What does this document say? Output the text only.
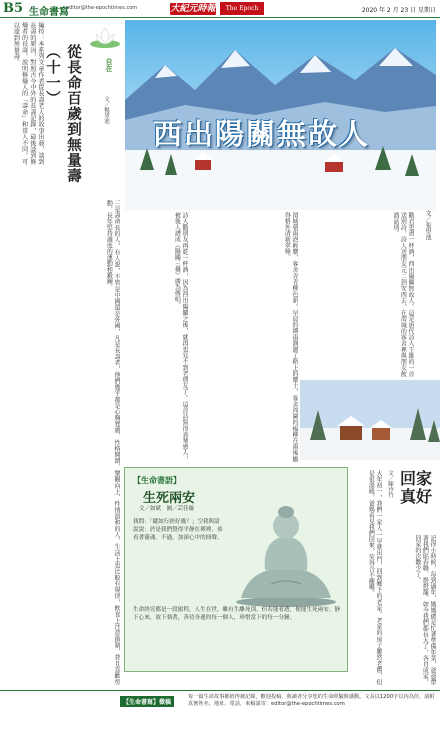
B5 生命書寫
editor@the-epochtimes.com	大紀元時報	The Epoch	2020 年 2 月 23 日 星期日
編按：本系列文章作者從長壽老人的故事出發，談到長壽的原因，對照古今中外的長壽記錄，最後談到修煉者的長壽，說明修煉人的「壽命」和常人不同，可以達到無量壽。
從長命百歲到無量壽（十一）	自在
文／楊望池
三是壽命長的人。有人說，不管是中國還是外國，凡是長壽者，他們幾乎都是心胸寬廣、性格開朗、樂觀向上、性情溫和的人。生活上也比較有規律，飲食上注意節制，並且喜歡勞動，長年堅持適度的運動和鍛鍊。
西出陽關無故人
文／張望池
勸君更盡一杯酒，西出陽關無故人。這是唐代詩人王維的一首送別詩，詩人送朋友元二到安西去，在渭城的客舍裡與朋友飲酒話別。
渭城朝雨浥輕塵，客舍青青柳色新。早晨的細雨潤濕了路上的塵土，客舍周圍的楊柳在雨後顯得格外清新翠綠。
詩人勸朋友再乾一杯酒，因為西出陽關之後，就再也見不到老朋友了。這首詩寫得真摯感人，被後人譜成《陽關三疊》廣為傳唱。
【生命書語】
生死兩安
文／如斌　圖／芸佳璇

我問：「縱如行經好幾？」空我與請說說：於是我們覺得平靜在禪裡，恭看著靈魂。不過，加深心中的冊聲。

生命終究都是一段旅程，人生在世，雖有生離死別，但若能看透，便能生死兩安。靜下心來，放下執著，善待身邊的每一個人，珍惜當下的每一分鐘。

回家真好
文／陳泠竹
大年初一，我們一家人一早就出門，回到鄉下的老家。老家的房子雖然老舊，但是很溫暖，爸媽看見我們回來，笑得合不攏嘴。
記得小時候，每到過年，媽媽總是忙著準備年菜，爸爸帶著我們貼春聯、掛燈籠。如今我們都長大了，各自成家，回家的次數少了。
【生命書寫】徵稿

每一篇生命故事都值得被記錄，歡迎投稿，與讀者分享您的生命經驗與感動。文長以1200字以內為佳，請附真實姓名、地址、電話，來稿請寄：editor@the-epochtimes.com
